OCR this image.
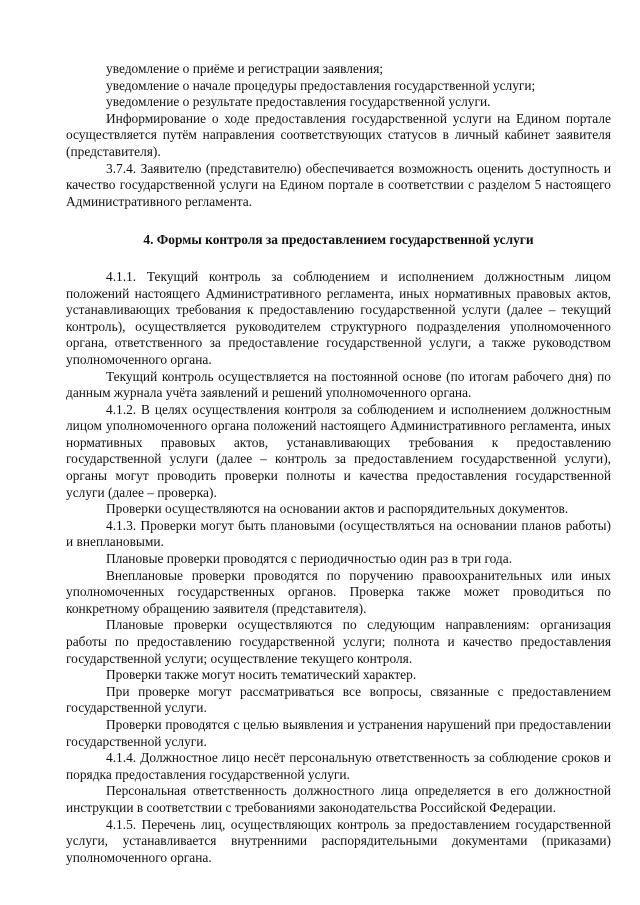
уведомление о приёме и регистрации заявления;

уведомление о начале процедуры предоставления государственной услуги;

уведомление о результате предоставления государственной услуги.

Информирование о ходе предоставления государственной услуги на Едином портале осуществляется путём направления соответствующих статусов в личный кабинет заявителя (представителя).

3.7.4. Заявителю (представителю) обеспечивается возможность оценить доступность и качество государственной услуги на Едином портале в соответствии с разделом 5 настоящего Административного регламента.

4. Формы контроля за предоставлением государственной услуги

4.1.1. Текущий контроль за соблюдением и исполнением должностным лицом положений настоящего Административного регламента, иных нормативных правовых актов, устанавливающих требования к предоставлению государственной услуги (далее – текущий контроль), осуществляется руководителем структурного подразделения уполномоченного органа, ответственного за предоставление государственной услуги, а также руководством уполномоченного органа.

Текущий контроль осуществляется на постоянной основе (по итогам рабочего дня) по данным журнала учёта заявлений и решений уполномоченного органа.

4.1.2. В целях осуществления контроля за соблюдением и исполнением должностным лицом уполномоченного органа положений настоящего Административного регламента, иных нормативных правовых актов, устанавливающих требования к предоставлению государственной услуги (далее – контроль за предоставлением государственной услуги), органы могут проводить проверки полноты и качества предоставления государственной услуги (далее – проверка).

Проверки осуществляются на основании актов и распорядительных документов.

4.1.3. Проверки могут быть плановыми (осуществляться на основании планов работы) и внеплановыми.

Плановые проверки проводятся с периодичностью один раз в три года.

Внеплановые проверки проводятся по поручению правоохранительных или иных уполномоченных государственных органов. Проверка также может проводиться по конкретному обращению заявителя (представителя).

Плановые проверки осуществляются по следующим направлениям: организация работы по предоставлению государственной услуги; полнота и качество предоставления государственной услуги; осуществление текущего контроля.

Проверки также могут носить тематический характер.

При проверке могут рассматриваться все вопросы, связанные с предоставлением государственной услуги.

Проверки проводятся с целью выявления и устранения нарушений при предоставлении государственной услуги.

4.1.4. Должностное лицо несёт персональную ответственность за соблюдение сроков и порядка предоставления государственной услуги.

Персональная ответственность должностного лица определяется в его должностной инструкции в соответствии с требованиями законодательства Российской Федерации.

4.1.5. Перечень лиц, осуществляющих контроль за предоставлением государственной услуги, устанавливается внутренними распорядительными документами (приказами) уполномоченного органа.
